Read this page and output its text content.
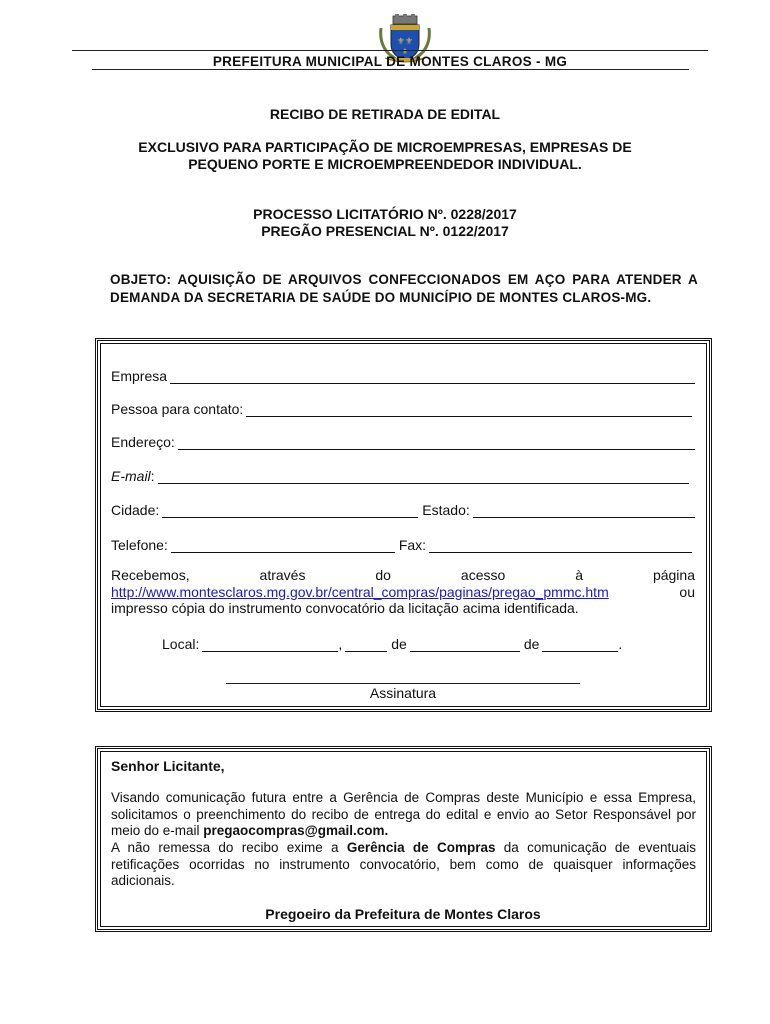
⚜⚜
⚜
PREFEITURA MUNICIPAL DE MONTES CLAROS - MG
RECIBO DE RETIRADA DE EDITAL
EXCLUSIVO PARA PARTICIPAÇÃO DE MICROEMPRESAS, EMPRESAS DE
PEQUENO PORTE E MICROEMPREENDEDOR INDIVIDUAL.
PROCESSO LICITATÓRIO Nº. 0228/2017
PREGÃO PRESENCIAL Nº. 0122/2017
OBJETO: AQUISIÇÃO DE ARQUIVOS CONFECCIONADOS EM AÇO PARA ATENDER A DEMANDA DA SECRETARIA DE SAÚDE DO MUNICÍPIO DE MONTES CLAROS-MG.
Empresa
Pessoa para contato:
Endereço:
E-mail:
Cidade:	Estado:
Telefone:	Fax:
Recebemos,	através	do	acesso	à	página
http://www.montesclaros.mg.gov.br/central_compras/paginas/pregao_pmmc.htm	ou
impresso cópia do instrumento convocatório da licitação acima identificada.
Local:	,	de	de	.
Assinatura
Senhor Licitante,
Visando comunicação futura entre a Gerência de Compras deste Município e essa Empresa, solicitamos o preenchimento do recibo de entrega do edital e envio ao Setor Responsável por meio do e-mail pregaocompras@gmail.com.
A não remessa do recibo exime a Gerência de Compras da comunicação de eventuais retificações ocorridas no instrumento convocatório, bem como de quaisquer informações adicionais.
Pregoeiro da Prefeitura de Montes Claros
